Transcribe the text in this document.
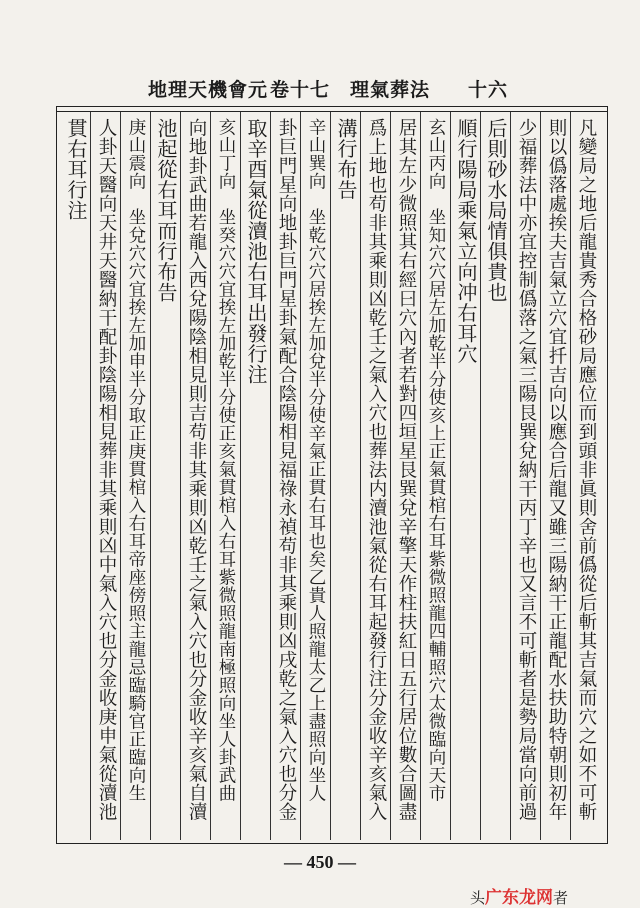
地理天機會元 卷十七　理氣葬法 十六
凡變局之地后龍貴秀合格砂局應位而到頭非眞則舍前僞從后斬其吉氣而穴之如不可斬
則以僞落處挨夫吉氣立穴宜扦吉向以應合后龍又雖三陽納干正龍配水扶助特朝則初年
少福葬法中亦宜控制僞落之氣三陽艮巽兌納干丙丁辛也又言不可斬者是勢局當向前過
后則砂水局情俱貴也
順行陽局乘氣立向冲右耳穴
玄山丙向　坐知穴穴居左加乾半分使亥上正氣貫棺右耳紫微照龍四輔照穴太微臨向天市
居其左少微照其右經曰穴內者若對四垣星艮巽兌辛擎天作柱扶紅日五行居位數合圖盡
爲上地也苟非其乘則凶乾壬之氣入穴也葬法内瀆池氣從右耳起發行注分金收辛亥氣入
溝行布告
辛山巽向　坐乾穴穴居挨左加兌半分使辛氣正貫右耳也矣乙貴人照龍太乙上盡照向坐人
卦巨門星向地卦巨門星卦氣配合陰陽相見福祿永禎苟非其乘則凶戌乾之氣入穴也分金
取辛酉氣從瀆池右耳出發行注
亥山丁向　坐癸穴穴宜挨左加乾半分使正亥氣貫棺入右耳紫微照龍南極照向坐人卦武曲
向地卦武曲若龍入西兌陽陰相見則吉苟非其乘則凶乾壬之氣入穴也分金收辛亥氣自瀆
池起從右耳而行布告
庚山震向　坐兌穴穴宜挨左加申半分取正庚貫棺入右耳帝座傍照主龍忌臨騎官正臨向生
人卦天醫向天井天醫納干配卦陰陽相見葬非其乘則凶中氣入穴也分金收庚申氣從瀆池
貫右耳行注
— 450 —
头广东龙网者
